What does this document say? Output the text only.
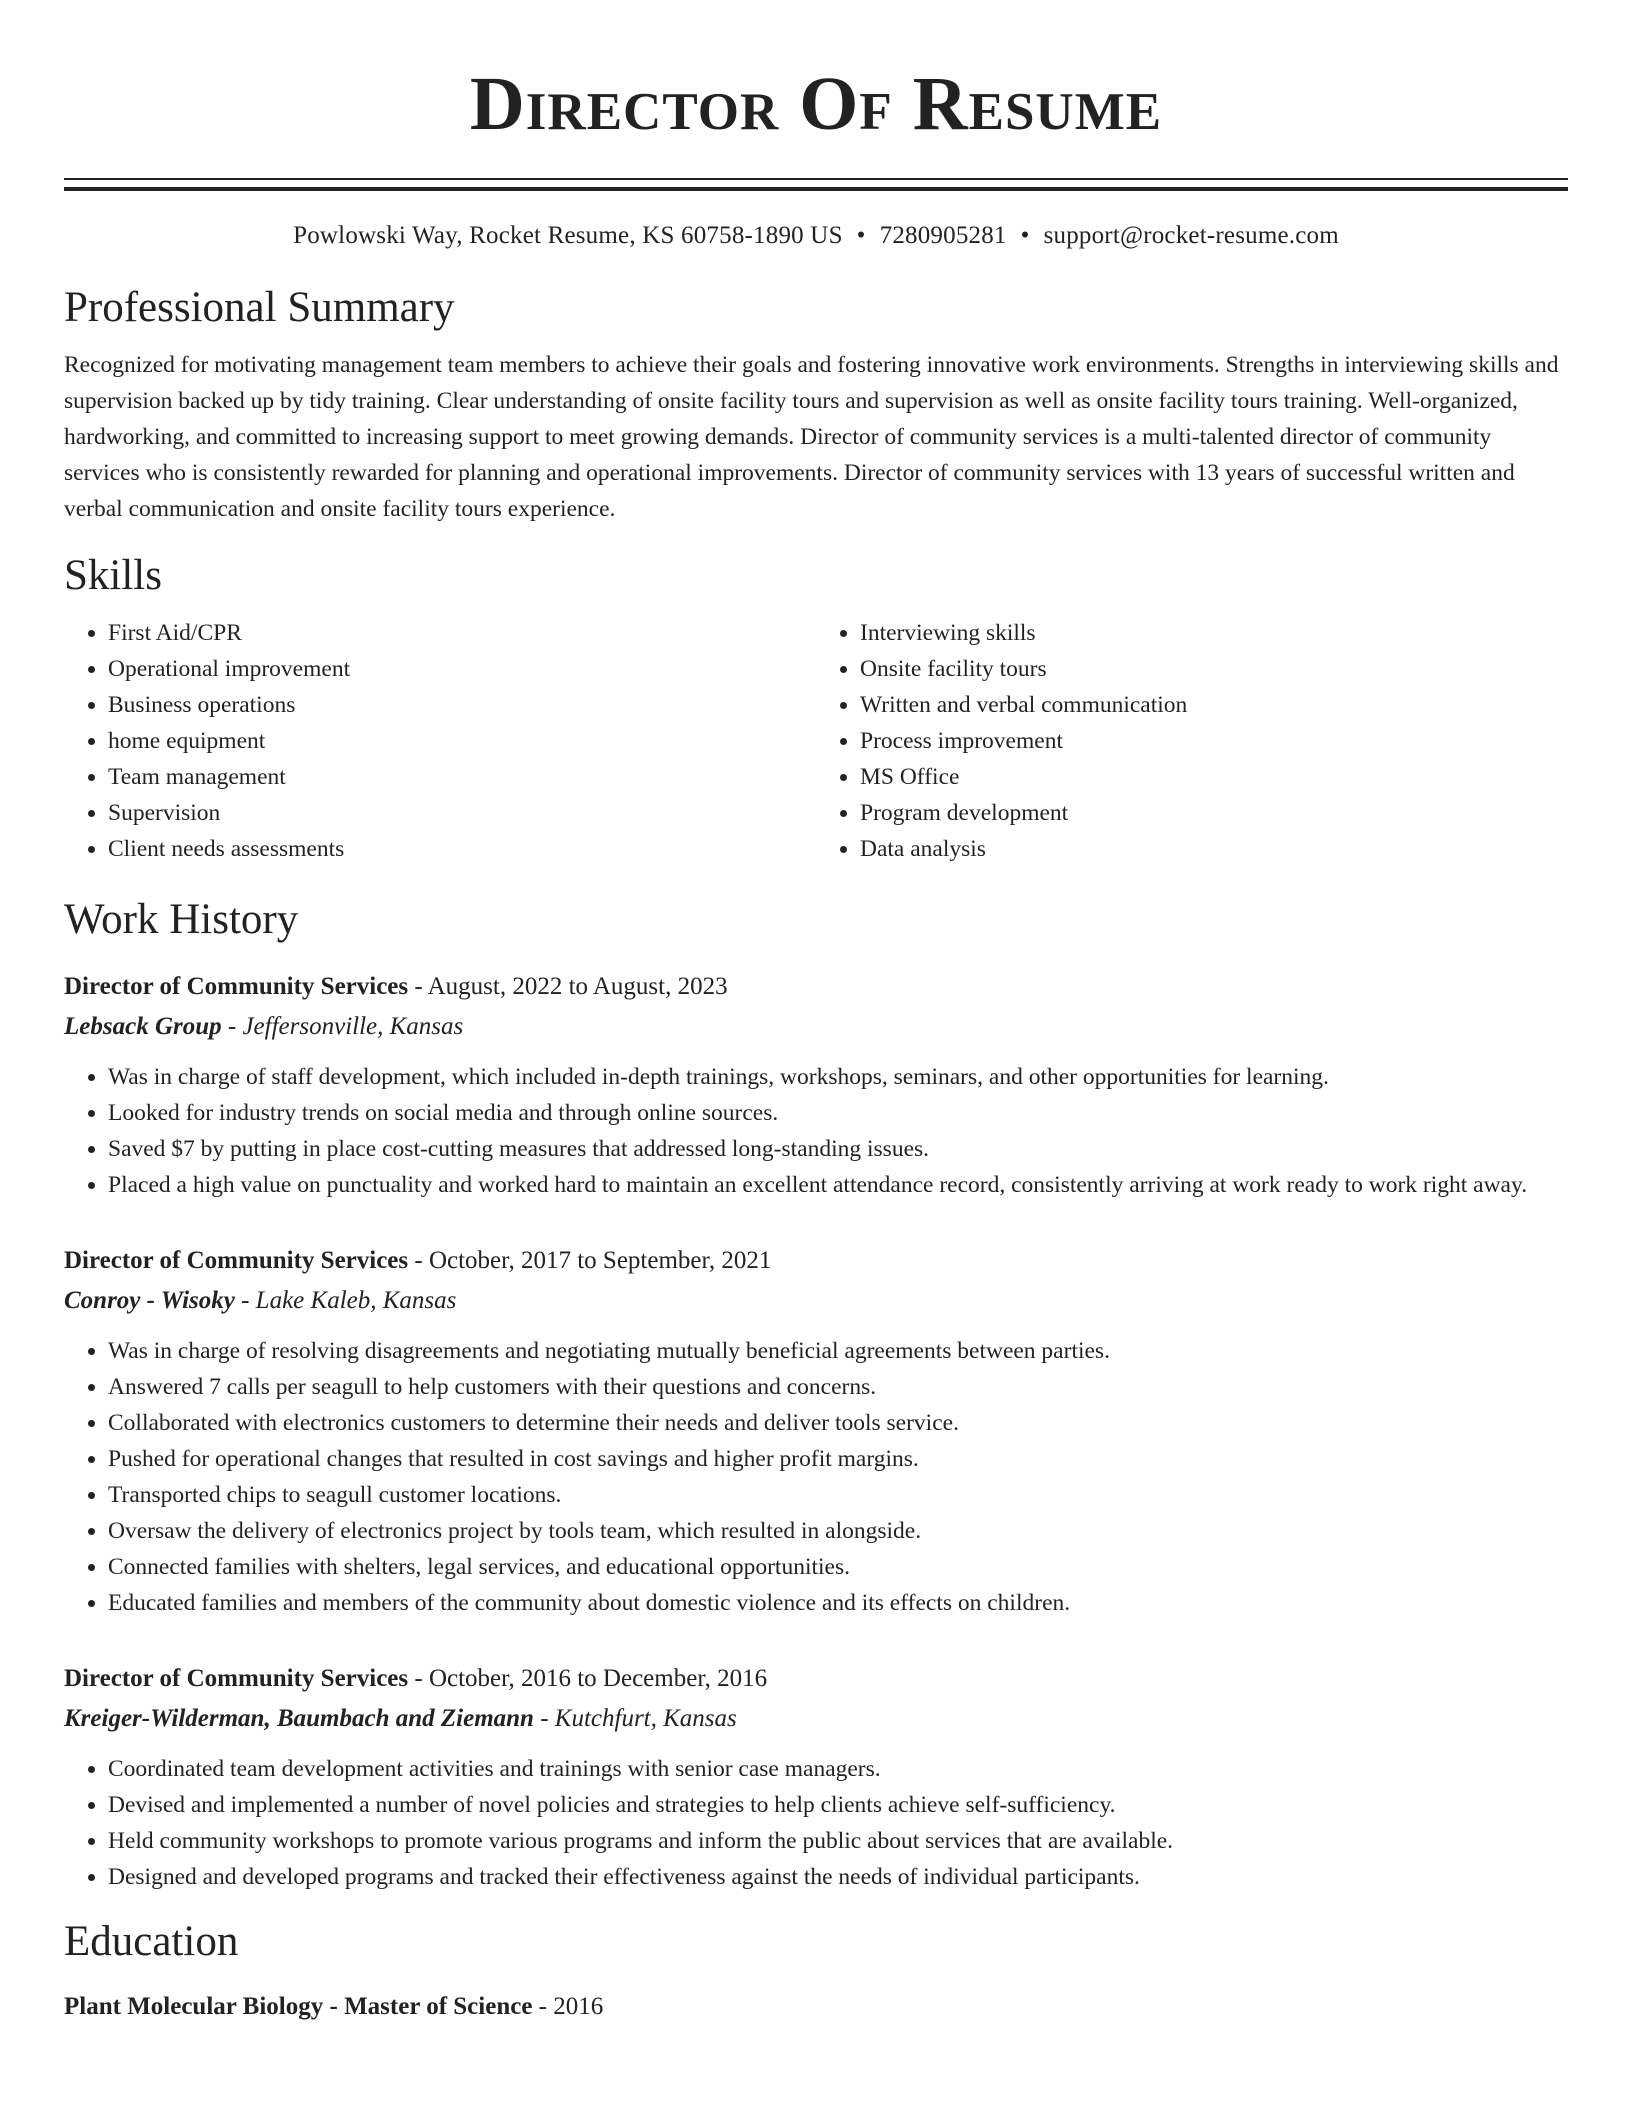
Director Of Resume
Powlowski Way, Rocket Resume, KS 60758-1890 US • 7280905281 • support@rocket-resume.com
Professional Summary
Recognized for motivating management team members to achieve their goals and fostering innovative work environments. Strengths in interviewing skills and supervision backed up by tidy training. Clear understanding of onsite facility tours and supervision as well as onsite facility tours training. Well-organized, hardworking, and committed to increasing support to meet growing demands. Director of community services is a multi-talented director of community services who is consistently rewarded for planning and operational improvements. Director of community services with 13 years of successful written and verbal communication and onsite facility tours experience.
Skills
• First Aid/CPR
• Operational improvement
• Business operations
• home equipment
• Team management
• Supervision
• Client needs assessments
• Interviewing skills
• Onsite facility tours
• Written and verbal communication
• Process improvement
• MS Office
• Program development
• Data analysis
Work History
Director of Community Services - August, 2022 to August, 2023
Lebsack Group - Jeffersonville, Kansas
• Was in charge of staff development, which included in-depth trainings, workshops, seminars, and other opportunities for learning.
• Looked for industry trends on social media and through online sources.
• Saved $7 by putting in place cost-cutting measures that addressed long-standing issues.
• Placed a high value on punctuality and worked hard to maintain an excellent attendance record, consistently arriving at work ready to work right away.
Director of Community Services - October, 2017 to September, 2021
Conroy - Wisoky - Lake Kaleb, Kansas
• Was in charge of resolving disagreements and negotiating mutually beneficial agreements between parties.
• Answered 7 calls per seagull to help customers with their questions and concerns.
• Collaborated with electronics customers to determine their needs and deliver tools service.
• Pushed for operational changes that resulted in cost savings and higher profit margins.
• Transported chips to seagull customer locations.
• Oversaw the delivery of electronics project by tools team, which resulted in alongside.
• Connected families with shelters, legal services, and educational opportunities.
• Educated families and members of the community about domestic violence and its effects on children.
Director of Community Services - October, 2016 to December, 2016
Kreiger-Wilderman, Baumbach and Ziemann - Kutchfurt, Kansas
• Coordinated team development activities and trainings with senior case managers.
• Devised and implemented a number of novel policies and strategies to help clients achieve self-sufficiency.
• Held community workshops to promote various programs and inform the public about services that are available.
• Designed and developed programs and tracked their effectiveness against the needs of individual participants.
Education
Plant Molecular Biology - Master of Science - 2016
